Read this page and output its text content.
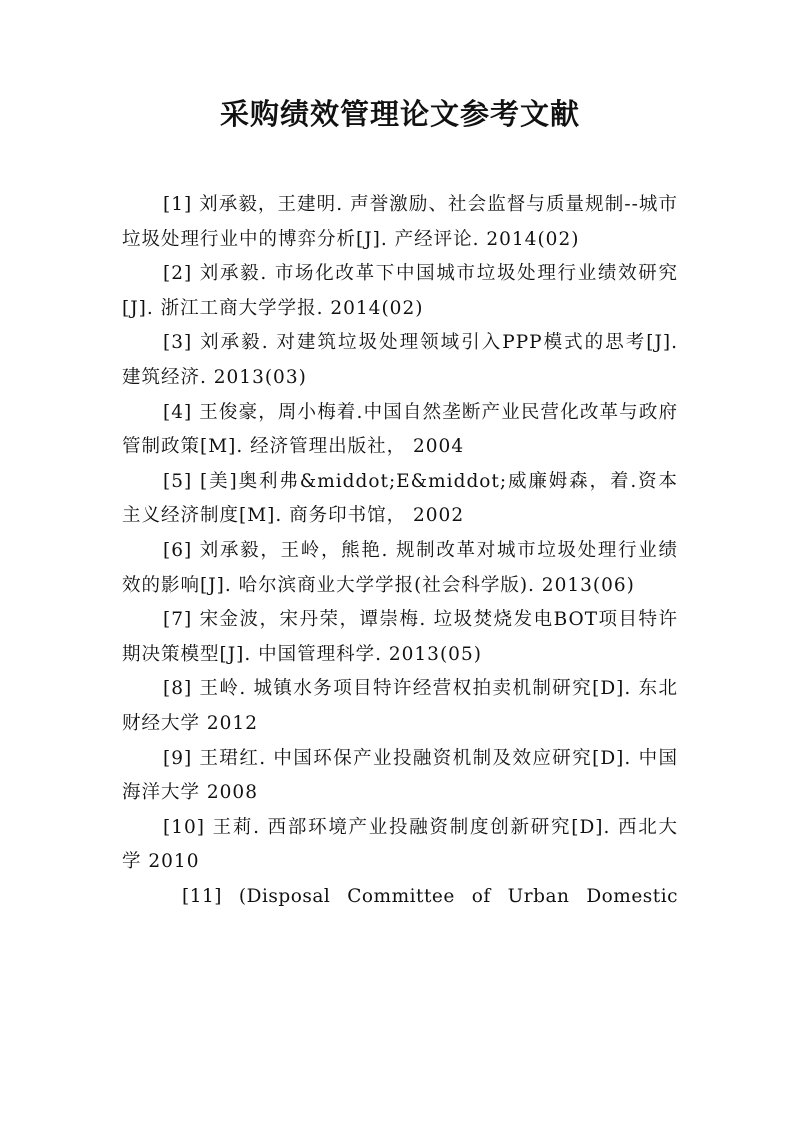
采购绩效管理论文参考文献

[1] 刘承毅，王建明. 声誉激励、社会监督与质量规制--城市垃圾处理行业中的博弈分析[J]. 产经评论. 2014(02)

[2] 刘承毅. 市场化改革下中国城市垃圾处理行业绩效研究[J]. 浙江工商大学学报. 2014(02)

[3] 刘承毅. 对建筑垃圾处理领域引入PPP模式的思考[J]. 建筑经济. 2013(03)

[4] 王俊豪，周小梅着.中国自然垄断产业民营化改革与政府管制政策[M]. 经济管理出版社， 2004

[5] [美]奥利弗&middot;E&middot;威廉姆森，着.资本主义经济制度[M]. 商务印书馆， 2002

[6] 刘承毅，王岭，熊艳. 规制改革对城市垃圾处理行业绩效的影响[J]. 哈尔滨商业大学学报(社会科学版). 2013(06)

[7] 宋金波，宋丹荣，谭崇梅. 垃圾焚烧发电BOT项目特许期决策模型[J]. 中国管理科学. 2013(05)

[8] 王岭. 城镇水务项目特许经营权拍卖机制研究[D]. 东北财经大学 2012

[9] 王珺红. 中国环保产业投融资机制及效应研究[D]. 中国海洋大学 2008

[10] 王莉. 西部环境产业投融资制度创新研究[D]. 西北大学 2010

[11] (Disposal Committee of Urban Domestic
